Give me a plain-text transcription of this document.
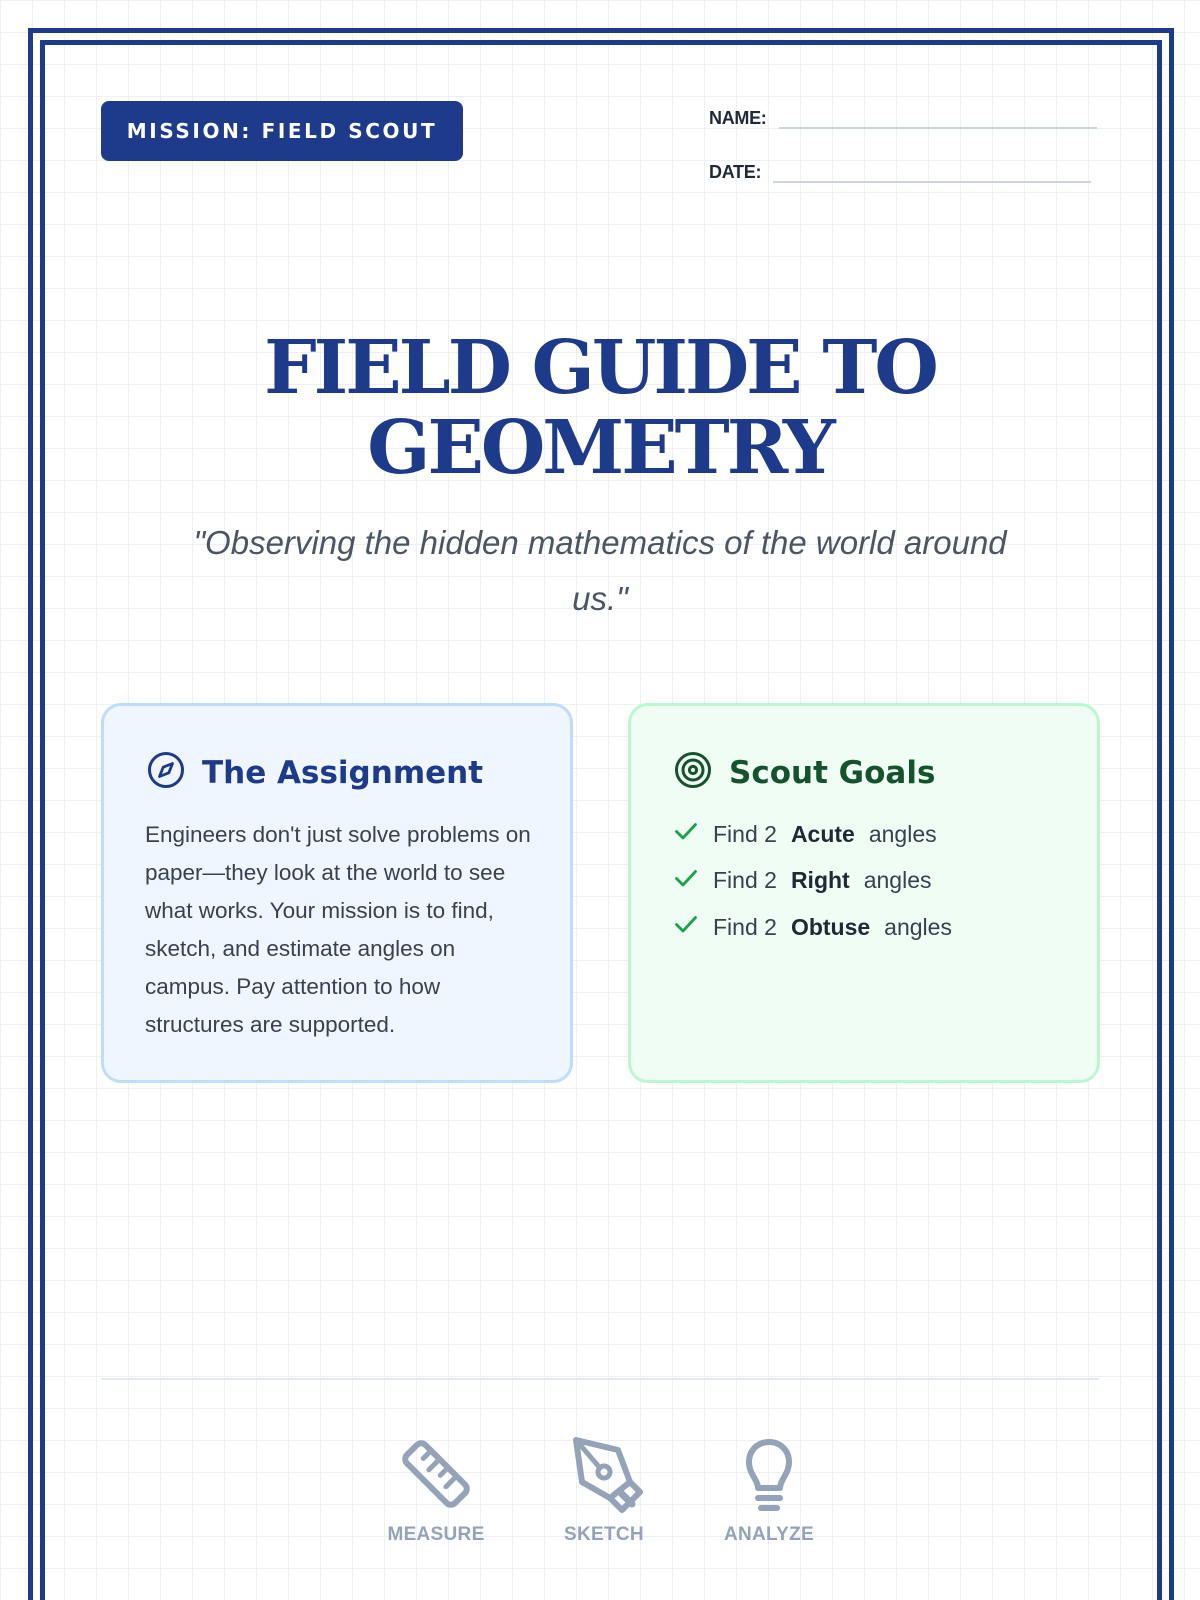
MISSION: FIELD SCOUT
NAME:
DATE:
FIELD GUIDE TO
GEOMETRY

"Observing the hidden mathematics of the world around us."

The Assignment

Engineers don't just solve problems on paper—they look at the world to see what works. Your mission is to find, sketch, and estimate angles on campus. Pay attention to how structures are supported.

Scout Goals
Find 2 Acute angles
Find 2 Right angles
Find 2 Obtuse angles
MEASURE	SKETCH	ANALYZE
